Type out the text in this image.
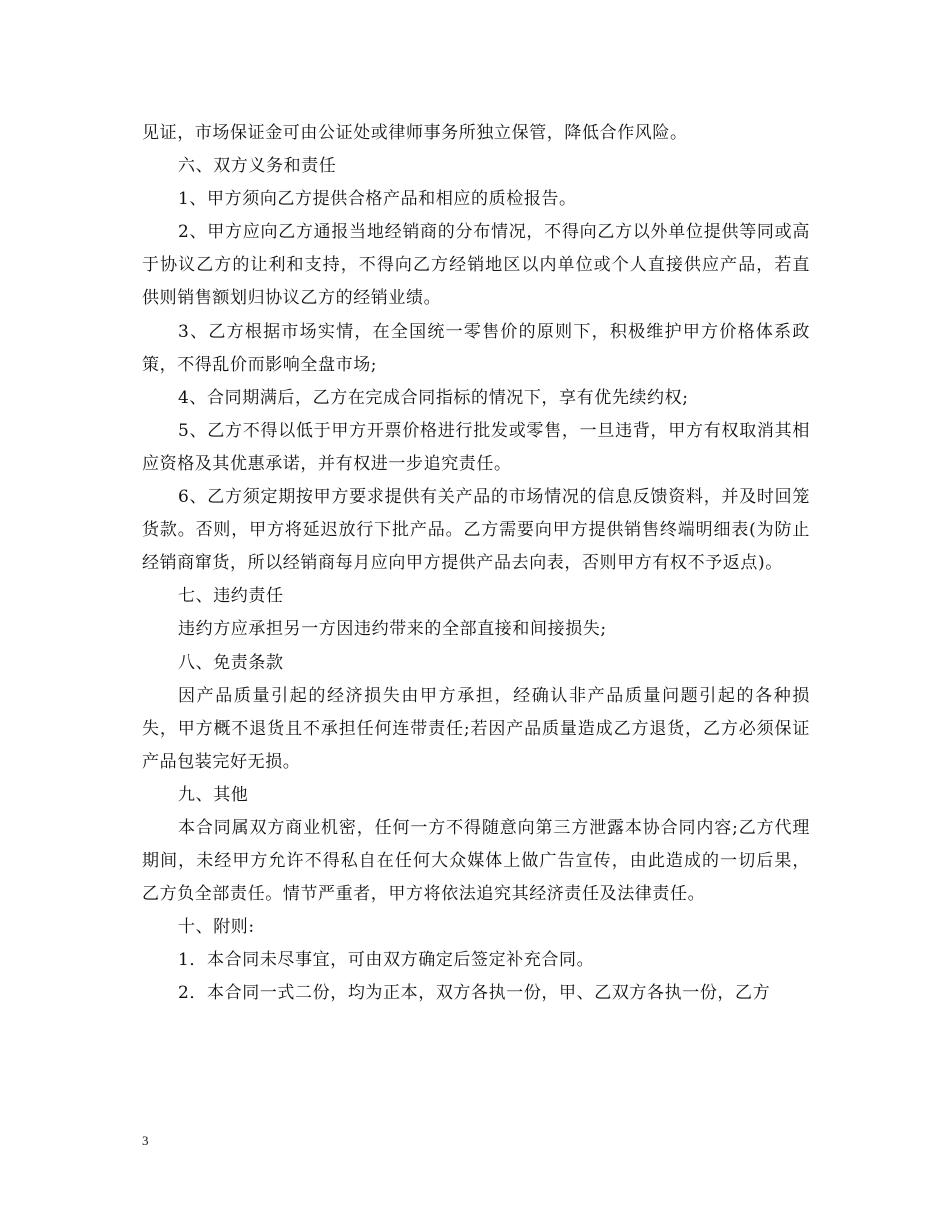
见证，市场保证金可由公证处或律师事务所独立保管，降低合作风险。

六、双方义务和责任

1、甲方须向乙方提供合格产品和相应的质检报告。

2、甲方应向乙方通报当地经销商的分布情况，不得向乙方以外单位提供等同或高于协议乙方的让利和支持，不得向乙方经销地区以内单位或个人直接供应产品，若直供则销售额划归协议乙方的经销业绩。

3、乙方根据市场实情，在全国统一零售价的原则下，积极维护甲方价格体系政策，不得乱价而影响全盘市场;

4、合同期满后，乙方在完成合同指标的情况下，享有优先续约权;

5、乙方不得以低于甲方开票价格进行批发或零售，一旦违背，甲方有权取消其相应资格及其优惠承诺，并有权进一步追究责任。

6、乙方须定期按甲方要求提供有关产品的市场情况的信息反馈资料，并及时回笼货款。否则，甲方将延迟放行下批产品。乙方需要向甲方提供销售终端明细表(为防止经销商窜货，所以经销商每月应向甲方提供产品去向表，否则甲方有权不予返点)。

七、违约责任

违约方应承担另一方因违约带来的全部直接和间接损失;

八、免责条款

因产品质量引起的经济损失由甲方承担，经确认非产品质量问题引起的各种损失，甲方概不退货且不承担任何连带责任;若因产品质量造成乙方退货，乙方必须保证产品包装完好无损。

九、其他

本合同属双方商业机密，任何一方不得随意向第三方泄露本协合同内容;乙方代理期间，未经甲方允许不得私自在任何大众媒体上做广告宣传，由此造成的一切后果，乙方负全部责任。情节严重者，甲方将依法追究其经济责任及法律责任。

十、附则:

1．本合同未尽事宜，可由双方确定后签定补充合同。

2．本合同一式二份，均为正本，双方各执一份，甲、乙双方各执一份，乙方

3
